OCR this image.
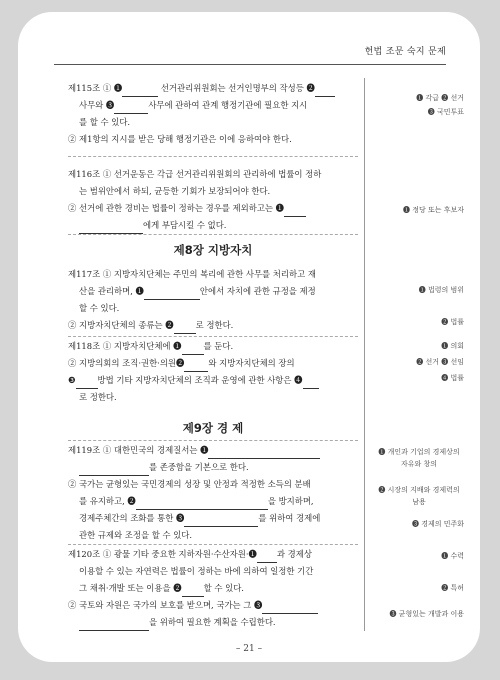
헌법 조문 숙지 문제
제115조 ① ❶	선거관리위원회는 선거인명부의 작성등 ❷
사무와 ❸	사무에 관하여 관계 행정기관에 필요한 지시
를 할 수 있다.
② 제1항의 지시를 받은 당해 행정기관은 이에 응하여야 한다.
제116조 ① 선거운동은 각급 선거관리위원회의 관리하에 법률이 정하
는 범위안에서 하되, 균등한 기회가 보장되어야 한다.
② 선거에 관한 경비는 법률이 정하는 경우를 제외하고는 ❶
에게 부담시킬 수 없다.
제8장 지방자치
제117조 ① 지방자치단체는 주민의 복리에 관한 사무를 처리하고 재
산을 관리하며, ❶	안에서 자치에 관한 규정을 제정
할 수 있다.
② 지방자치단체의 종류는 ❷	로 정한다.
제118조 ① 지방자치단체에 ❶	를 둔다.
② 지방의회의 조직·권한·의원❷	와 지방자치단체의 장의
❸	방법 기타 지방자치단체의 조직과 운영에 관한 사항은 ❹
로 정한다.
제9장 경 제
제119조 ① 대한민국의 경제질서는 ❶
를 존중함을 기본으로 한다.
② 국가는 균형있는 국민경제의 성장 및 안정과 적정한 소득의 분배
를 유지하고, ❷	을 방지하며,
경제주체간의 조화를 통한 ❸	를 위하여 경제에
관한 규제와 조정을 할 수 있다.
제120조 ① 광물 기타 중요한 지하자원·수산자원·❶ 과 경제상
이용할 수 있는 자연력은 법률이 정하는 바에 의하여 일정한 기간
그 채취·개발 또는 이용을 ❷	할 수 있다.
② 국토와 자원은 국가의 보호를 받으며, 국가는 그 ❸
을 위하여 필요한 계획을 수립한다.
❶ 각급 ❷ 선거
❸ 국민투표
❶ 정당 또는 후보자
❶ 법령의 범위
❷ 법률
❶ 의회
❷ 선거 ❸ 선임
❹ 법률
❶ 개인과 기업의 경제상의 자유와 창의
❷ 시장의 지배와 경제력의 남용
❸ 경제의 민주화
❶ 수력
❷ 특허
❸ 균형있는 개발과 이용
– 21 –
